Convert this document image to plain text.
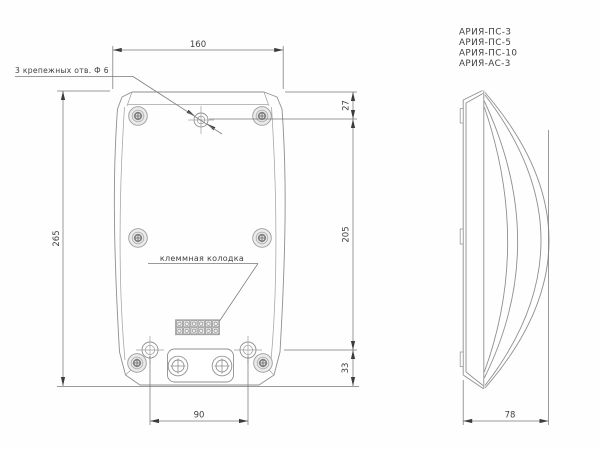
160
27
265	205
33
90	78
3 крепежных отв. Ф 6
клеммная колодка
АРИЯ-ПС-3
АРИЯ-ПС-5
АРИЯ-ПС-10
АРИЯ-АС-3
